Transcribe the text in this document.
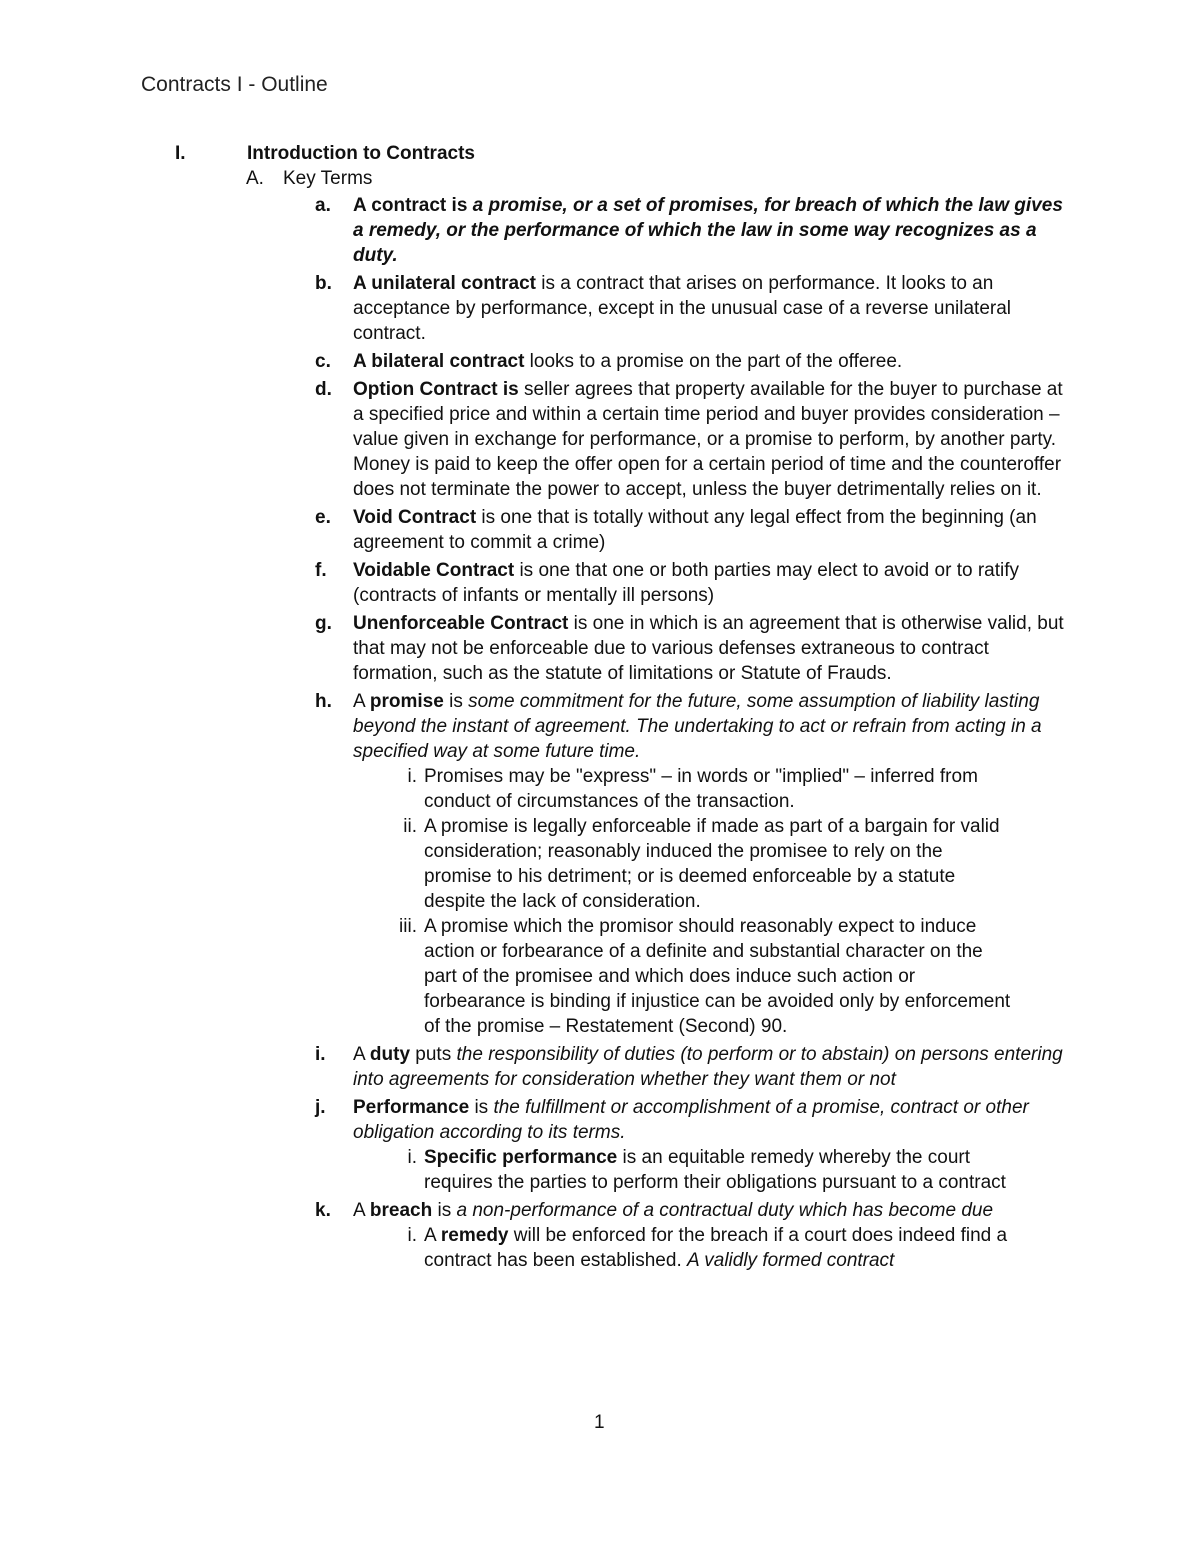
Contracts I - Outline
I.	Introduction to Contracts
A. Key Terms
a.	A contract is a promise, or a set of promises, for breach of which the law gives a remedy, or the performance of which the law in some way recognizes as a duty.
b.	A unilateral contract is a contract that arises on performance. It looks to an acceptance by performance, except in the unusual case of a reverse unilateral contract.
c.	A bilateral contract looks to a promise on the part of the offeree.
d.	Option Contract is seller agrees that property available for the buyer to purchase at a specified price and within a certain time period and buyer provides consideration – value given in exchange for performance, or a promise to perform, by another party. Money is paid to keep the offer open for a certain period of time and the counteroffer does not terminate the power to accept, unless the buyer detrimentally relies on it.
e.	Void Contract is one that is totally without any legal effect from the beginning (an agreement to commit a crime)
f.	Voidable Contract is one that one or both parties may elect to avoid or to ratify (contracts of infants or mentally ill persons)
g.	Unenforceable Contract is one in which is an agreement that is otherwise valid, but that may not be enforceable due to various defenses extraneous to contract formation, such as the statute of limitations or Statute of Frauds.
h.	A promise is some commitment for the future, some assumption of liability lasting beyond the instant of agreement. The undertaking to act or refrain from acting in a specified way at some future time.
i. Promises may be "express" – in words or "implied" – inferred from conduct of circumstances of the transaction.
ii. A promise is legally enforceable if made as part of a bargain for valid consideration; reasonably induced the promisee to rely on the promise to his detriment; or is deemed enforceable by a statute despite the lack of consideration.
iii. A promise which the promisor should reasonably expect to induce action or forbearance of a definite and substantial character on the part of the promisee and which does induce such action or forbearance is binding if injustice can be avoided only by enforcement of the promise – Restatement (Second) 90.
i.	A duty puts the responsibility of duties (to perform or to abstain) on persons entering into agreements for consideration whether they want them or not
j.	Performance is the fulfillment or accomplishment of a promise, contract or other obligation according to its terms.
i. Specific performance is an equitable remedy whereby the court requires the parties to perform their obligations pursuant to a contract
k.	A breach is a non-performance of a contractual duty which has become due
i. A remedy will be enforced for the breach if a court does indeed find a contract has been established. A validly formed contract
1
